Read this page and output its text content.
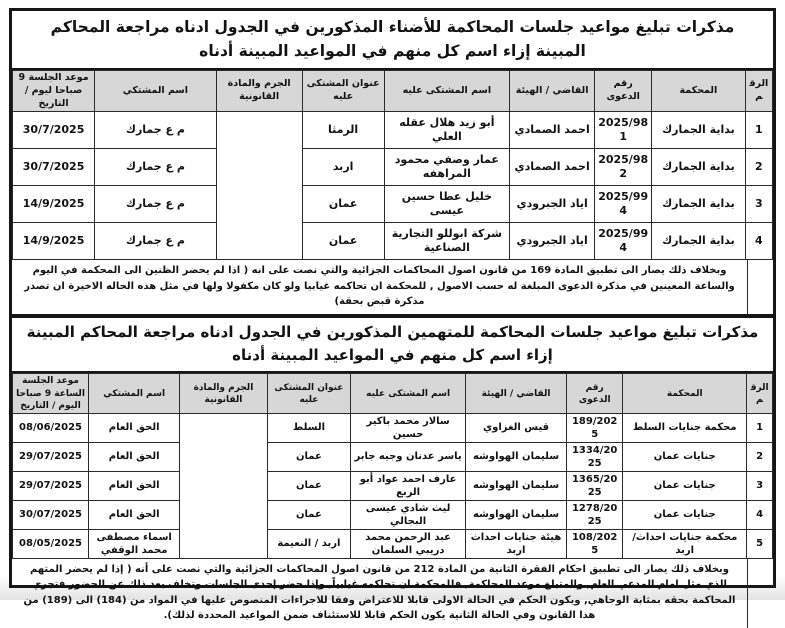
مذكرات تبليغ مواعيد جلسات المحاكمة للأضناء المذكورين في الجدول ادناه مراجعة المحاكم المبينة إزاء اسم كل منهم في المواعيد المبينة أدناه
الرقم	المحكمة	رقم الدعوى	القاضي / الهيئة	اسم المشتكى عليه	عنوان المشتكى عليه	الجرم والمادة القانونية	اسم المشتكي	موعد الجلسة 9 صباحا ليوم / التاريخ
1	بداية الجمارك	2025/981	احمد الصمادي	أبو زيد هلال عقله العلي	الرمثا		م ع جمارك	30/7/2025
2	بداية الجمارك	2025/982	احمد الصمادي	عمار وصفي محمود المراهفه	اربد		م ع جمارك	30/7/2025
3	بداية الجمارك	2025/994	اياد الجبرودي	خليل عطا حسين عيسى	عمان		م ع جمارك	14/9/2025
4	بداية الجمارك	2025/994	اياد الجبرودي	شركة ابوللو التجارية الصناعية	عمان		م ع جمارك	14/9/2025
وبخلاف ذلك يصار الى تطبيق المادة 169 من قانون اصول المحاكمات الجزائية والتي نصت على انه ( اذا لم يحضر الظنين الى المحكمة في اليوم والساعة المعينين في مذكرة الدعوى المبلغة له حسب الاصول , للمحكمة ان تحاكمه غيابيا ولو كان مكفولا ولها في مثل هذه الحاله الاخيرة ان تصدر مذكرة قبض بحقة)
مذكرات تبليغ مواعيد جلسات المحاكمة للمتهمين المذكورين في الجدول ادناه مراجعة المحاكم المبينة إزاء اسم كل منهم في المواعيد المبينة أدناه
الرقم	المحكمة	رقم الدعوى	القاضي / الهيئة	اسم المشتكى عليه	عنوان المشتكى عليه	الجرم والمادة القانونية	اسم المشتكي	موعد الجلسة الساعة 9 صباحا اليوم / التاريخ
1	محكمة جنايات السلط	189/2025	قيس الغزاوي	سالار محمد باكير حسين	السلط		الحق العام	08/06/2025
2	جنايات عمان	1334/2025	سليمان الهواوشه	ياسر عدنان وجيه جابر	عمان		الحق العام	29/07/2025
3	جنايات عمان	1365/2025	سليمان الهواوشه	عارف احمد عواد أبو الربع	عمان		الحق العام	29/07/2025
4	جنايات عمان	1278/2025	سليمان الهواوشه	ليث شادي عيسى البجالي	عمان		الحق العام	30/07/2025
5	محكمة جنايات احداث/ اربد	108/2025	هيئة جنايات احداث اربد	عبد الرحمن محمد دريبي السلمان	اربد / النعيمة		اسماء مصطفى محمد الوقفي	08/05/2025
وبخلاف ذلك يصار الى تطبيق احكام الفقرة الثانية من المادة 212 من قانون اصول المحاكمات الجزائية والتي نصت على أنه ( إذا لم يحضر المتهم الذي مثل امام المدعي العام, والمتبلغ موعد المحاكمة, فللمحكمة ان تحاكمه غيابياً, وإذا حضر إحدى الجلسات وتخلف بعد ذلك عن الحضور فتجري المحاكمة بحقه بمثابة الوجاهي, ويكون الحكم في الحالة الاولى قابلا للاعتراض وفقا للاجراءات المنصوص عليها في المواد من (184) الى (189) من هذا القانون وفي الحالة الثانية يكون الحكم قابلا للاستئناف ضمن المواعيد المحددة لذلك).
